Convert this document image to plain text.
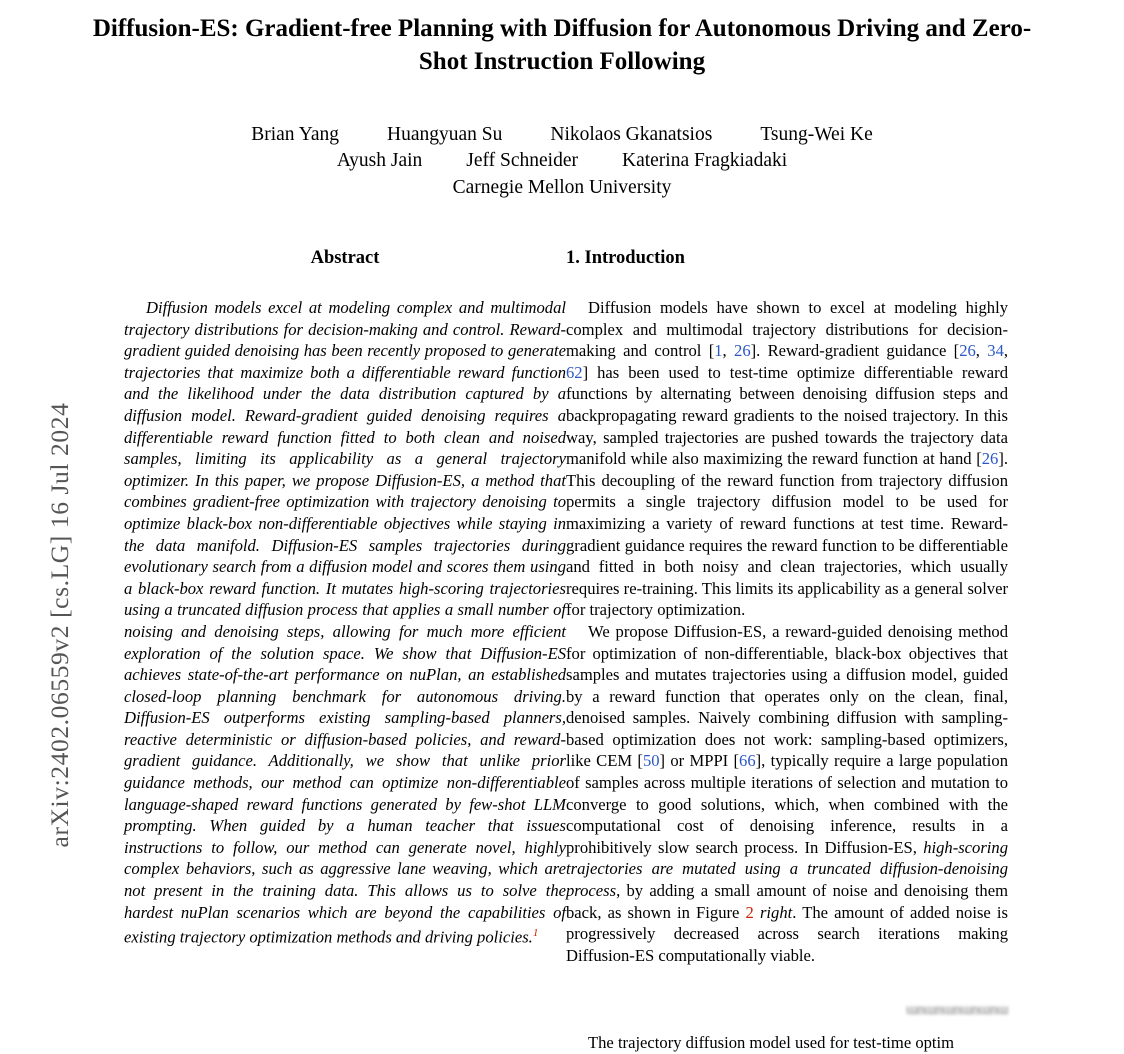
arXiv:2402.06559v2 [cs.LG] 16 Jul 2024
Diffusion-ES: Gradient-free Planning with Diffusion for Autonomous Driving and Zero-Shot Instruction Following
Brian Yang Huangyuan Su Nikolaos Gkanatsios Tsung-Wei Ke
Ayush Jain Jeff Schneider Katerina Fragkiadaki
Carnegie Mellon University
Abstract

Diffusion models excel at modeling complex and multimodal trajectory distributions for decision-making and control. Reward-gradient guided denoising has been recently proposed to generate trajectories that maximize both a differentiable reward function and the likelihood under the data distribution captured by a diffusion model. Reward-gradient guided denoising requires a differentiable reward function fitted to both clean and noised samples, limiting its applicability as a general trajectory optimizer. In this paper, we propose Diffusion-ES, a method that combines gradient-free optimization with trajectory denoising to optimize black-box non-differentiable objectives while staying in the data manifold. Diffusion-ES samples trajectories during evolutionary search from a diffusion model and scores them using a black-box reward function. It mutates high-scoring trajectories using a truncated diffusion process that applies a small number of noising and denoising steps, allowing for much more efficient exploration of the solution space. We show that Diffusion-ES achieves state-of-the-art performance on nuPlan, an established closed-loop planning benchmark for autonomous driving. Diffusion-ES outperforms existing sampling-based planners, reactive deterministic or diffusion-based policies, and reward-gradient guidance. Additionally, we show that unlike prior guidance methods, our method can optimize non-differentiable language-shaped reward functions generated by few-shot LLM prompting. When guided by a human teacher that issues instructions to follow, our method can generate novel, highly complex behaviors, such as aggressive lane weaving, which are not present in the training data. This allows us to solve the hardest nuPlan scenarios which are beyond the capabilities of existing trajectory optimization methods and driving policies.$^1$

1. Introduction

Diffusion models have shown to excel at modeling highly complex and multimodal trajectory distributions for decision-making and control [1, 26]. Reward-gradient guidance [26, 34, 62] has been used to test-time optimize differentiable reward functions by alternating between denoising diffusion steps and backpropagating reward gradients to the noised trajectory. In this way, sampled trajectories are pushed towards the trajectory data manifold while also maximizing the reward function at hand [26]. This decoupling of the reward function from trajectory diffusion permits a single trajectory diffusion model to be used for maximizing a variety of reward functions at test time. Reward-gradient guidance requires the reward function to be differentiable and fitted in both noisy and clean trajectories, which usually requires re-training. This limits its applicability as a general solver for trajectory optimization.

We propose Diffusion-ES, a reward-guided denoising method for optimization of non-differentiable, black-box objectives that samples and mutates trajectories using a diffusion model, guided by a reward function that operates only on the clean, final, denoised samples. Naively combining diffusion with sampling-based optimization does not work: sampling-based optimizers, like CEM [50] or MPPI [66], typically require a large population of samples across multiple iterations of selection and mutation to converge to good solutions, which, when combined with the computational cost of denoising inference, results in a prohibitively slow search process. In Diffusion-ES, high-scoring trajectories are mutated using a truncated diffusion-denoising process, by adding a small amount of noise and denoising them back, as shown in Figure 2 right. The amount of added noise is progressively decreased across search iterations making Diffusion-ES computationally viable.

ɯnɯnɯnɯnɯnɯ
The trajectory diffusion model used for test-time optim
